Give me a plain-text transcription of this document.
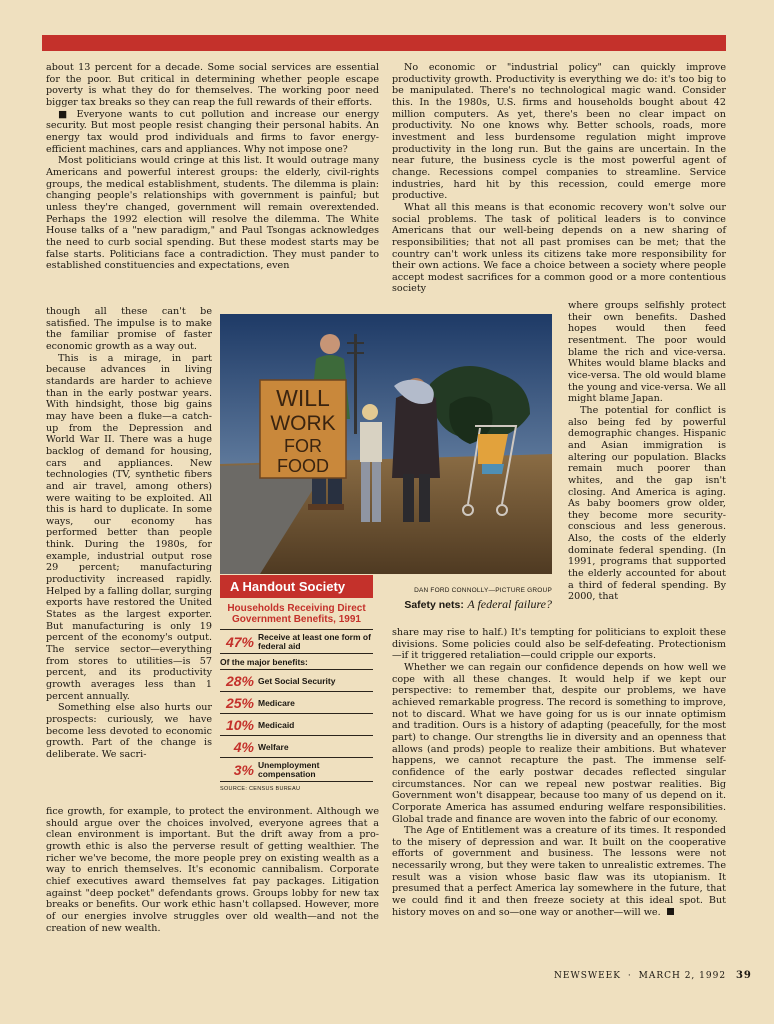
about 13 percent for a decade. Some social services are essential for the poor. But critical in determining whether people escape poverty is what they do for themselves. The working poor need bigger tax breaks so they can reap the full rewards of their efforts.

■ Everyone wants to cut pollution and increase our energy security. But most people resist changing their personal habits. An energy tax would prod individuals and firms to favor energy-efficient machines, cars and appliances. Why not impose one?

Most politicians would cringe at this list. It would outrage many Americans and powerful interest groups: the elderly, civil-rights groups, the medical establishment, students. The dilemma is plain: changing people's relationships with government is painful; but unless they're changed, government will remain overextended. Perhaps the 1992 election will resolve the dilemma. The White House talks of a "new paradigm," and Paul Tsongas acknowledges the need to curb social spending. But these modest starts may be false starts. Politicians face a contradiction. They must pander to established constituencies and expectations, even

No economic or "industrial policy" can quickly improve productivity growth. Productivity is everything we do: it's too big to be manipulated. There's no technological magic wand. Consider this. In the 1980s, U.S. firms and households bought about 42 million computers. As yet, there's been no clear impact on productivity. No one knows why. Better schools, roads, more investment and less burdensome regulation might improve productivity in the long run. But the gains are uncertain. In the near future, the business cycle is the most powerful agent of change. Recessions compel companies to streamline. Service industries, hard hit by this recession, could emerge more productive.

What all this means is that economic recovery won't solve our social problems. The task of political leaders is to convince Americans that our well-being depends on a new sharing of responsibilities; that not all past promises can be met; that the country can't work unless its citizens take more responsibility for their own actions. We face a choice between a society where people accept modest sacrifices for a common good or a more contentious society

though all these can't be satisfied. The impulse is to make the familiar promise of faster economic growth as a way out.

This is a mirage, in part because advances in living standards are harder to achieve than in the early postwar years. With hindsight, those big gains may have been a fluke—a catch-up from the Depression and World War II. There was a huge backlog of demand for housing, cars and appliances. New technologies (TV, synthetic fibers and air travel, among others) were waiting to be exploited. All this is hard to duplicate. In some ways, our economy has performed better than people think. During the 1980s, for example, industrial output rose 29 percent; manufacturing productivity increased rapidly. Helped by a falling dollar, surging exports have restored the United States as the largest exporter. But manufacturing is only 19 percent of the economy's output. The service sector—everything from stores to utilities—is 57 percent, and its productivity growth averages less than 1 percent annually.

Something else also hurts our prospects: curiously, we have become less devoted to economic growth. Part of the change is deliberate. We sacri-

where groups selfishly protect their own benefits. Dashed hopes would then feed resentment. The poor would blame the rich and vice-versa. Whites would blame blacks and vice-versa. The old would blame the young and vice-versa. We all might blame Japan.

The potential for conflict is also being fed by powerful demographic changes. Hispanic and Asian immigration is altering our population. Blacks remain much poorer than whites, and the gap isn't closing. And America is aging. As baby boomers grow older, they become more security-conscious and less generous. Also, the costs of the elderly dominate federal spending. (In 1991, programs that supported the elderly accounted for about a third of federal spending. By 2000, that

fice growth, for example, to protect the environment. Although we should argue over the choices involved, everyone agrees that a clean environment is important. But the drift away from a pro-growth ethic is also the perverse result of getting wealthier. The richer we've become, the more people prey on existing wealth as a way to enrich themselves. It's economic cannibalism. Corporate chief executives award themselves fat pay packages. Litigation against "deep pocket" defendants grows. Groups lobby for new tax breaks or benefits. Our work ethic hasn't collapsed. However, more of our energies involve struggles over old wealth—and not the creation of new wealth.

share may rise to half.) It's tempting for politicians to exploit these divisions. Some policies could also be self-defeating. Protectionism—if it triggered retaliation—could cripple our exports.

Whether we can regain our confidence depends on how well we cope with all these changes. It would help if we kept our perspective: to remember that, despite our problems, we have achieved remarkable progress. The record is something to improve, not to discard. What we have going for us is our innate optimism and tradition. Ours is a history of adapting (peacefully, for the most part) to change. Our strengths lie in diversity and an openness that allows (and prods) people to realize their ambitions. But whatever happens, we cannot recapture the past. The immense self-confidence of the early postwar decades reflected singular circumstances. Nor can we repeal new postwar realities. Big Government won't disappear, because too many of us depend on it. Corporate America has assumed enduring welfare responsibilities. Global trade and finance are woven into the fabric of our economy.

The Age of Entitlement was a creature of its times. It responded to the misery of depression and war. It built on the cooperative efforts of government and business. The lessons were not necessarily wrong, but they were taken to unrealistic extremes. The result was a vision whose basic flaw was its utopianism. It presumed that a perfect America lay somewhere in the future, that we could find it and then freeze society at this ideal spot. But history moves on and so—one way or another—will we.

WILL
WORK
FOR
FOOD
DAN FORD CONNOLLY—PICTURE GROUP
Safety nets: A federal failure?
A Handout Society
Households Receiving Direct
Government Benefits, 1991
47% Receive at least one form of federal aid
Of the major benefits:
28% Get Social Security
25% Medicare
10% Medicaid
4% Welfare
3% Unemployment compensation
SOURCE: CENSUS BUREAU
NEWSWEEK · MARCH 2, 1992 39
